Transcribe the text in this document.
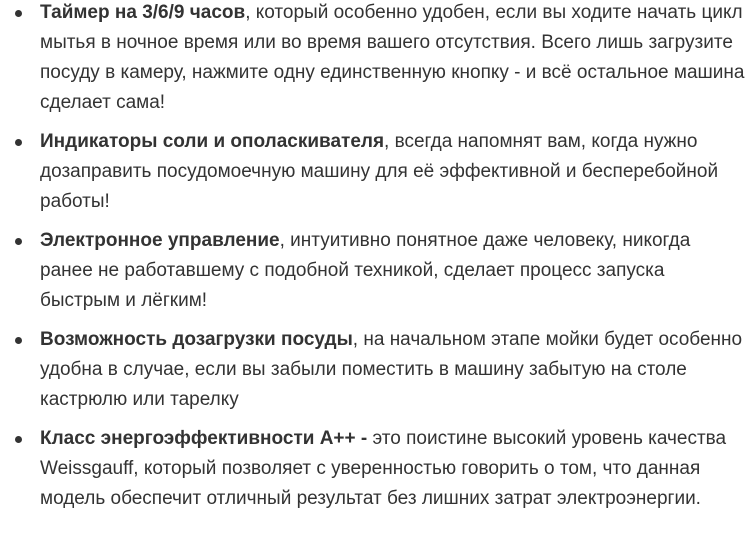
Таймер на 3/6/9 часов, который особенно удобен, если вы ходите начать цикл мытья в ночное время или во время вашего отсутствия. Всего лишь загрузите посуду в камеру, нажмите одну единственную кнопку - и всё остальное машина сделает сама!
Индикаторы соли и ополаскивателя, всегда напомнят вам, когда нужно дозаправить посудомоечную машину для её эффективной и бесперебойной работы!
Электронное управление, интуитивно понятное даже человеку, никогда ранее не работавшему с подобной техникой, сделает процесс запуска быстрым и лёгким!
Возможность дозагрузки посуды, на начальном этапе мойки будет особенно удобна в случае, если вы забыли поместить в машину забытую на столе кастрюлю или тарелку
Класс энергоэффективности A++ - это поистине высокий уровень качества Weissgauff, который позволяет с уверенностью говорить о том, что данная модель обеспечит отличный результат без лишних затрат электроэнергии.
